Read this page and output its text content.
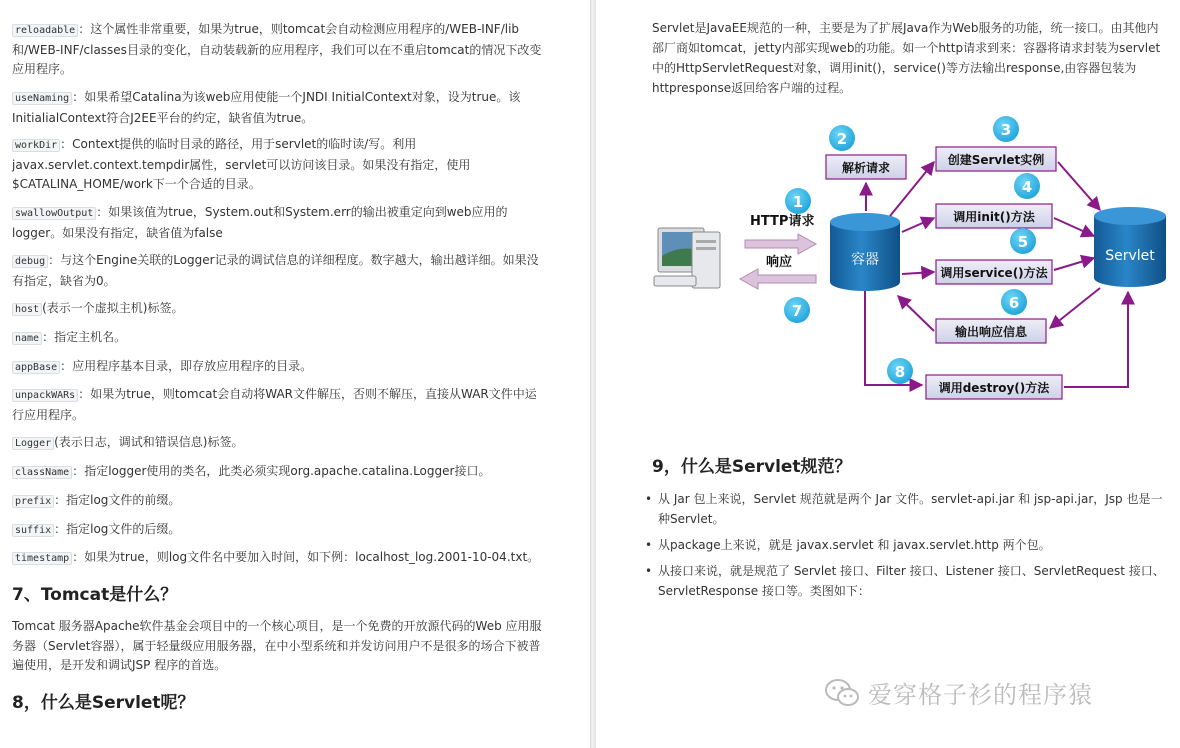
reloadable ：这个属性非常重要，如果为true，则tomcat会自动检测应用程序的/WEB-INF/lib和/WEB-INF/classes目录的变化，自动装载新的应用程序，我们可以在不重启tomcat的情况下改变应用程序。
useNaming ：如果希望Catalina为该web应用使能一个JNDI InitialContext对象，设为true。该InitialialContext符合J2EE平台的约定，缺省值为true。
workDir ：Context提供的临时目录的路径，用于servlet的临时读/写。利用javax.servlet.context.tempdir属性，servlet可以访问该目录。如果没有指定，使用$CATALINA_HOME/work下一个合适的目录。
swallowOutput ：如果该值为true，System.out和System.err的输出被重定向到web应用的logger。如果没有指定，缺省值为false
debug ：与这个Engine关联的Logger记录的调试信息的详细程度。数字越大，输出越详细。如果没有指定，缺省为0。
host (表示一个虚拟主机)标签。
name ：指定主机名。
appBase ：应用程序基本目录，即存放应用程序的目录。
unpackWARs ：如果为true，则tomcat会自动将WAR文件解压，否则不解压，直接从WAR文件中运行应用程序。
Logger (表示日志，调试和错误信息)标签。
className ：指定logger使用的类名，此类必须实现org.apache.catalina.Logger接口。
prefix ：指定log文件的前缀。
suffix ：指定log文件的后缀。
timestamp ：如果为true，则log文件名中要加入时间，如下例：localhost_log.2001-10-04.txt。
7、Tomcat是什么？
Tomcat 服务器Apache软件基金会项目中的一个核心项目，是一个免费的开放源代码的Web 应用服务器（Servlet容器），属于轻量级应用服务器，在中小型系统和并发访问用户不是很多的场合下被普遍使用，是开发和调试JSP 程序的首选。
8，什么是Servlet呢？
Servlet是JavaEE规范的一种，主要是为了扩展Java作为Web服务的功能，统一接口。由其他内部厂商如tomcat，jetty内部实现web的功能。如一个http请求到来：容器将请求封装为servlet中的HttpServletRequest对象，调用init()，service()等方法输出response,由容器包装为httpresponse返回给客户端的过程。
HTTP请求
响应	容器	Servlet
解析请求
创建Servlet实例
调用init()方法
调用service()方法
输出响应信息
调用destroy()方法
1
2	3
4
5
6
7
8
9，什么是Servlet规范？
• 从 Jar 包上来说，Servlet 规范就是两个 Jar 文件。servlet-api.jar 和 jsp-api.jar，Jsp 也是一种Servlet。
• 从package上来说，就是 javax.servlet 和 javax.servlet.http 两个包。
• 从接口来说，就是规范了 Servlet 接口、Filter 接口、Listener 接口、ServletRequest 接口、ServletResponse 接口等。类图如下：
爱穿格子衫的程序猿
